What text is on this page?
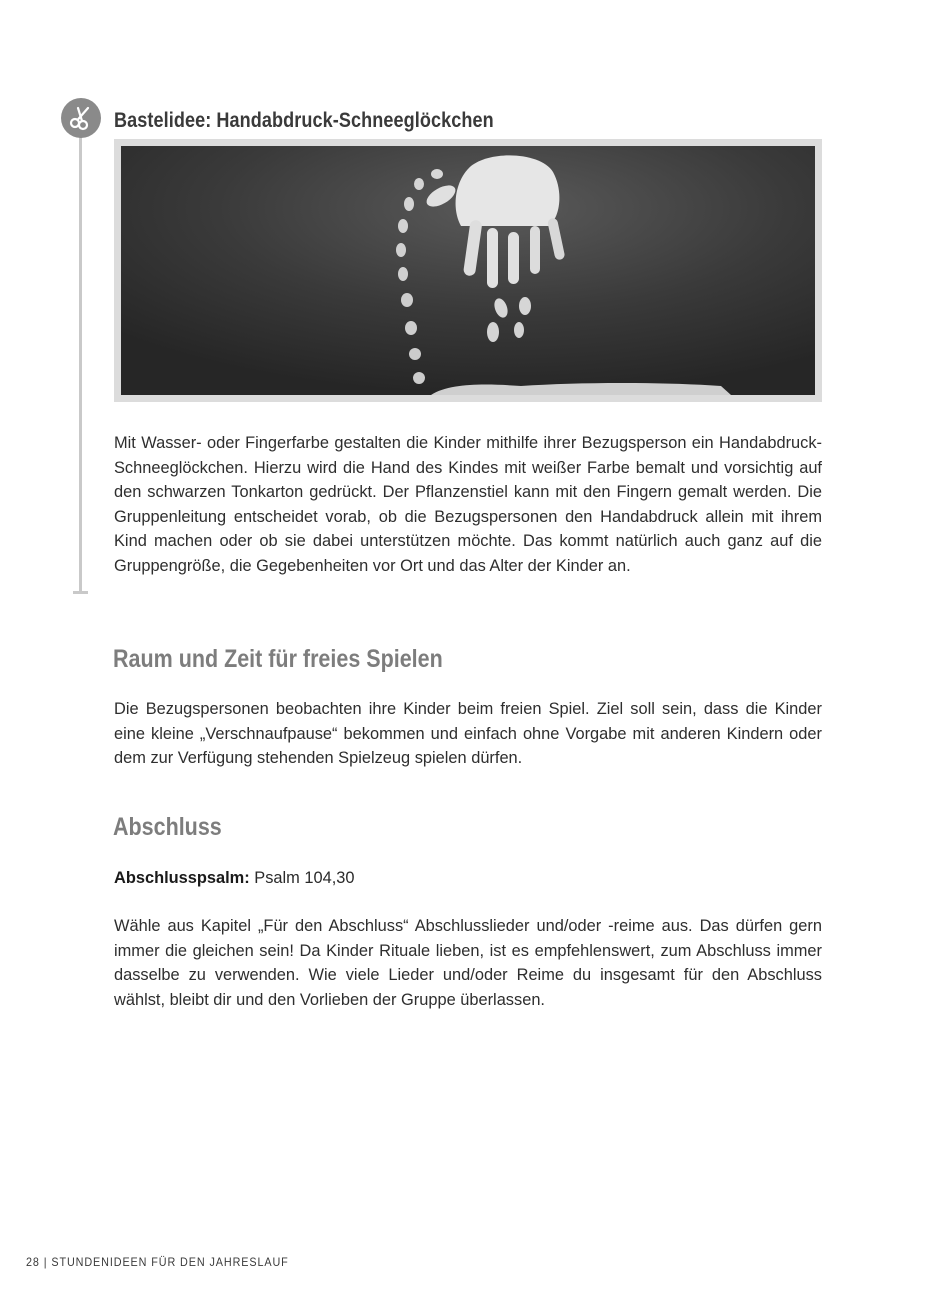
Bastelidee: Handabdruck-Schneeglöckchen

Mit Wasser- oder Fingerfarbe gestalten die Kinder mithilfe ihrer Bezugsperson ein Handabdruck-Schneeglöckchen. Hierzu wird die Hand des Kindes mit weißer Farbe bemalt und vorsichtig auf den schwarzen Tonkarton gedrückt. Der Pflanzenstiel kann mit den Fingern gemalt werden. Die Gruppenleitung entscheidet vorab, ob die Bezugspersonen den Handabdruck allein mit ihrem Kind machen oder ob sie dabei unterstützen möchte. Das kommt natürlich auch ganz auf die Gruppengröße, die Gegebenheiten vor Ort und das Alter der Kinder an.

Raum und Zeit für freies Spielen

Die Bezugspersonen beobachten ihre Kinder beim freien Spiel. Ziel soll sein, dass die Kinder eine kleine „Verschnaufpause“ bekommen und einfach ohne Vorgabe mit anderen Kindern oder dem zur Verfügung stehenden Spielzeug spielen dürfen.

Abschluss
Abschlusspsalm: Psalm 104,30

Wähle aus Kapitel „Für den Abschluss“ Abschlusslieder und/oder -reime aus. Das dürfen gern immer die gleichen sein! Da Kinder Rituale lieben, ist es empfehlenswert, zum Abschluss immer dasselbe zu verwenden. Wie viele Lieder und/oder Reime du insgesamt für den Abschluss wählst, bleibt dir und den Vorlieben der Gruppe überlassen.

28 | STUNDENIDEEN FÜR DEN JAHRESLAUF
